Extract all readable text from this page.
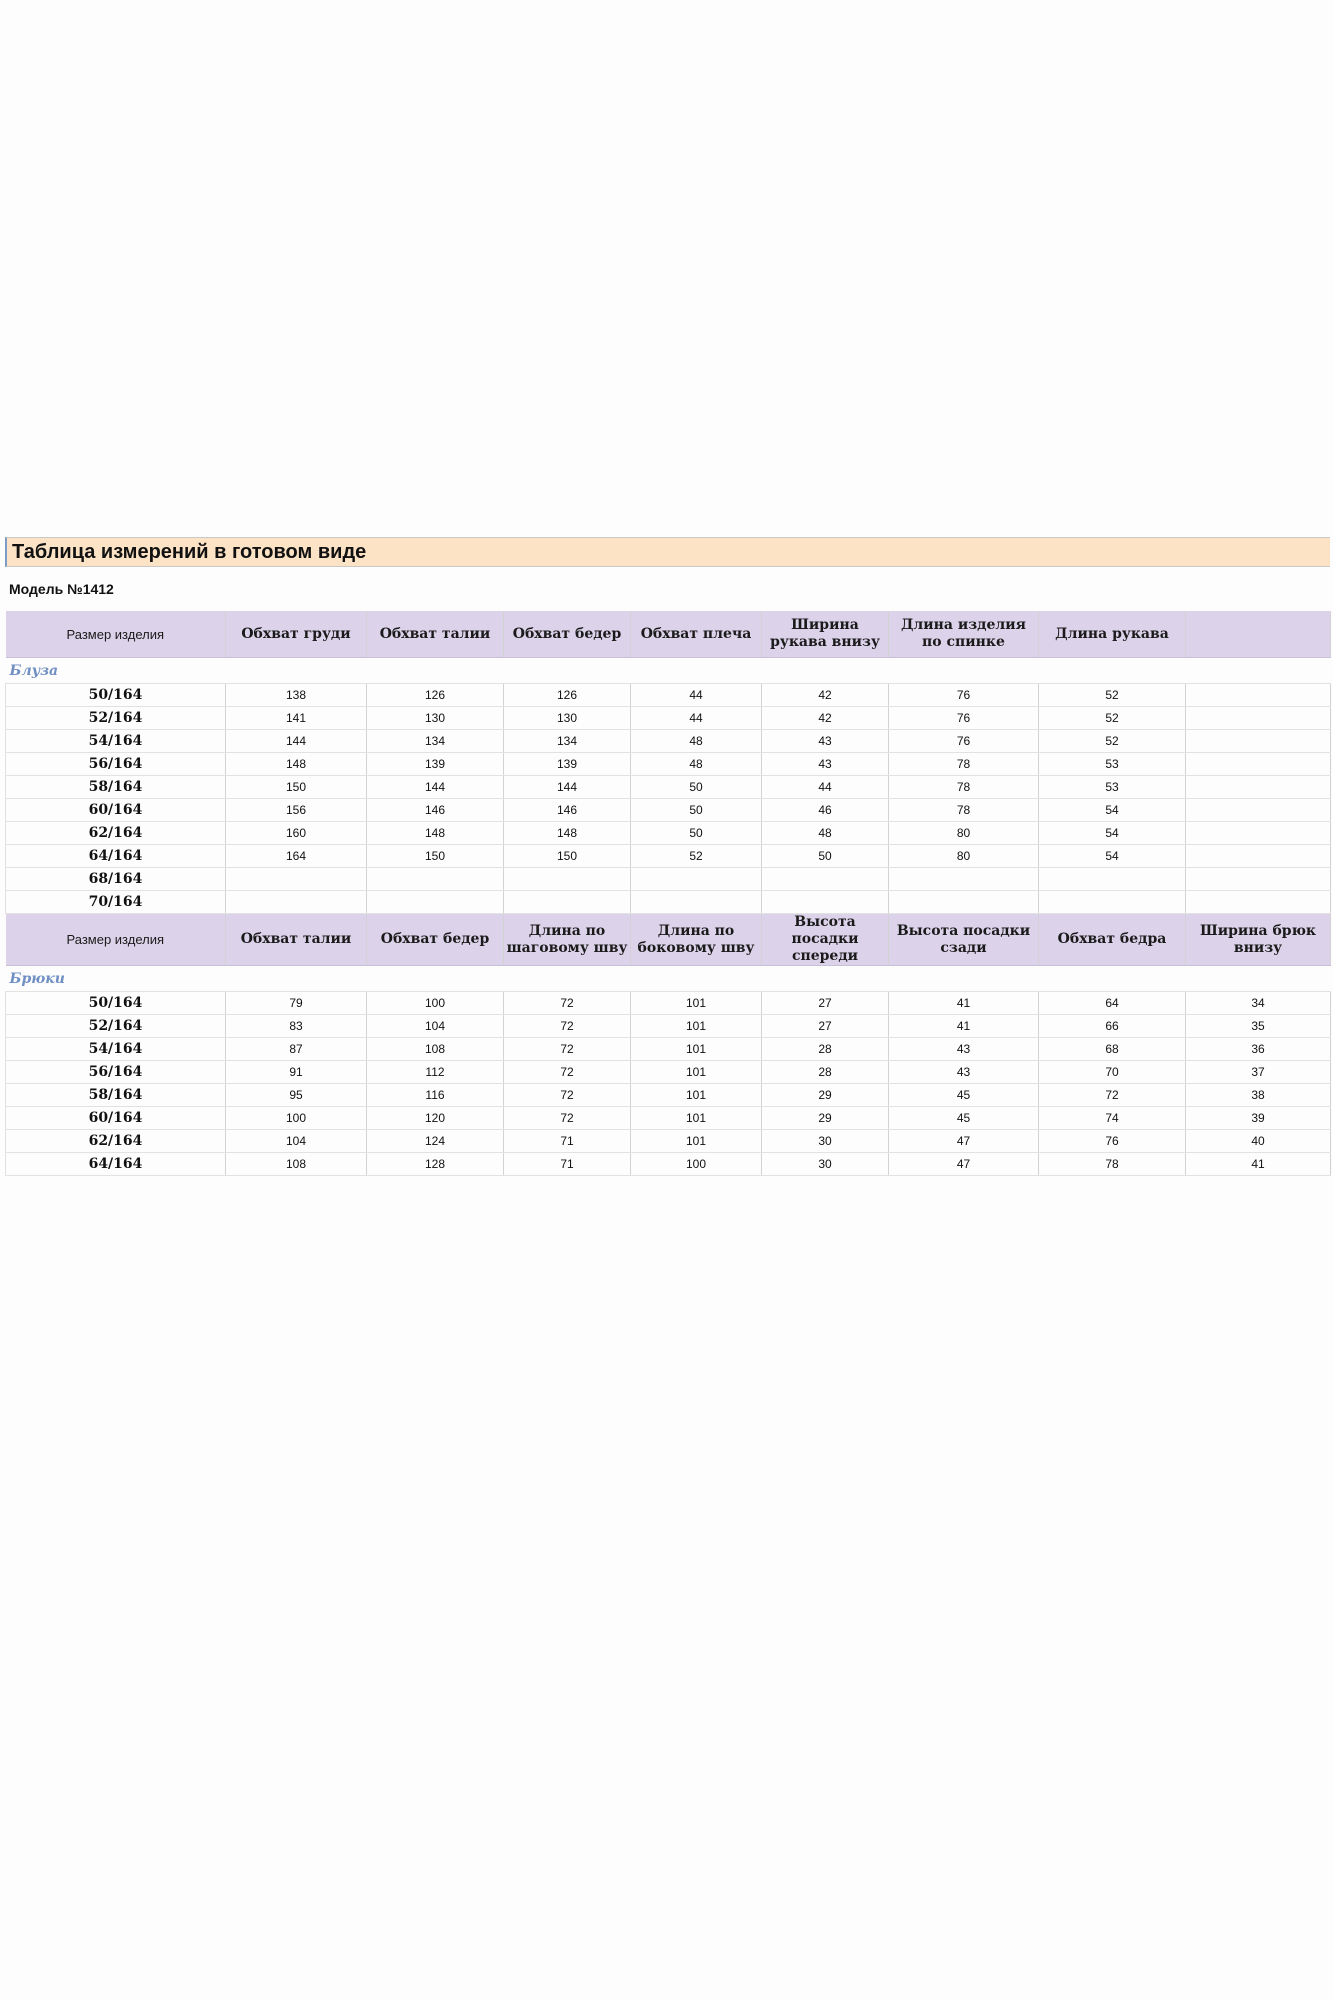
Таблица измерений в готовом виде
Модель №1412
Размер изделия	Обхват груди	Обхват талии	Обхват бедер	Обхват плеча	Ширина рукава внизу	Длина изделия по спинке	Длина рукава	
Блуза								
50/164	138	126	126	44	42	76	52	
52/164	141	130	130	44	42	76	52	
54/164	144	134	134	48	43	76	52	
56/164	148	139	139	48	43	78	53	
58/164	150	144	144	50	44	78	53	
60/164	156	146	146	50	46	78	54	
62/164	160	148	148	50	48	80	54	
64/164	164	150	150	52	50	80	54	
68/164								
70/164								
Размер изделия	Обхват талии	Обхват бедер	Длина по шаговому шву	Длина по боковому шву	Высота посадки спереди	Высота посадки сзади	Обхват бедра	Ширина брюк внизу
Брюки								
50/164	79	100	72	101	27	41	64	34
52/164	83	104	72	101	27	41	66	35
54/164	87	108	72	101	28	43	68	36
56/164	91	112	72	101	28	43	70	37
58/164	95	116	72	101	29	45	72	38
60/164	100	120	72	101	29	45	74	39
62/164	104	124	71	101	30	47	76	40
64/164	108	128	71	100	30	47	78	41
